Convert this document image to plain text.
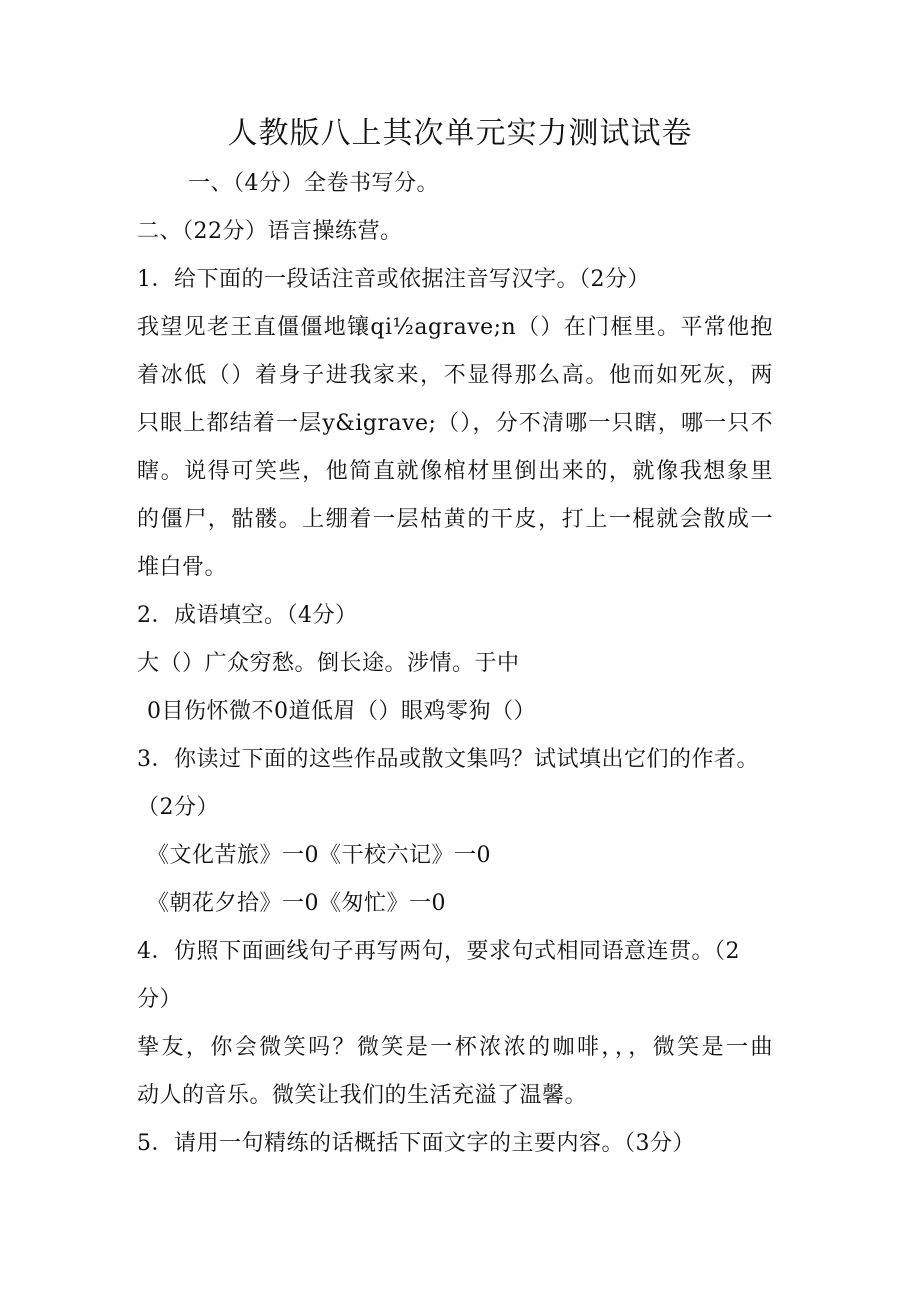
人教版八上其次单元实力测试试卷
一、（4分）全卷书写分。
二、（22分）语言操练营。
1．给下面的一段话注音或依据注音写汉字。（2分）
我望见老王直僵僵地镶qi½agrave;n（）在门框里。平常他抱
着冰低（）着身子进我家来，不显得那么高。他而如死灰，两
只眼上都结着一层y&igrave;（），分不清哪一只瞎，哪一只不
瞎。说得可笑些，他简直就像棺材里倒出来的，就像我想象里
的僵尸，骷髅。上绷着一层枯黄的干皮，打上一棍就会散成一
堆白骨。
2．成语填空。（4分）
大（）广众穷愁。倒长途。涉情。于中
0目伤怀微不0道低眉（）眼鸡零狗（）
3．你读过下面的这些作品或散文集吗？试试填出它们的作者。
（2分）
《文化苦旅》一0《干校六记》一0
《朝花夕拾》一0《匆忙》一0
4．仿照下面画线句子再写两句，要求句式相同语意连贯。（2
分）
挚友，你会微笑吗？微笑是一杯浓浓的咖啡，，，微笑是一曲
动人的音乐。微笑让我们的生活充溢了温馨。
5．请用一句精练的话概括下面文字的主要内容。（3分）
